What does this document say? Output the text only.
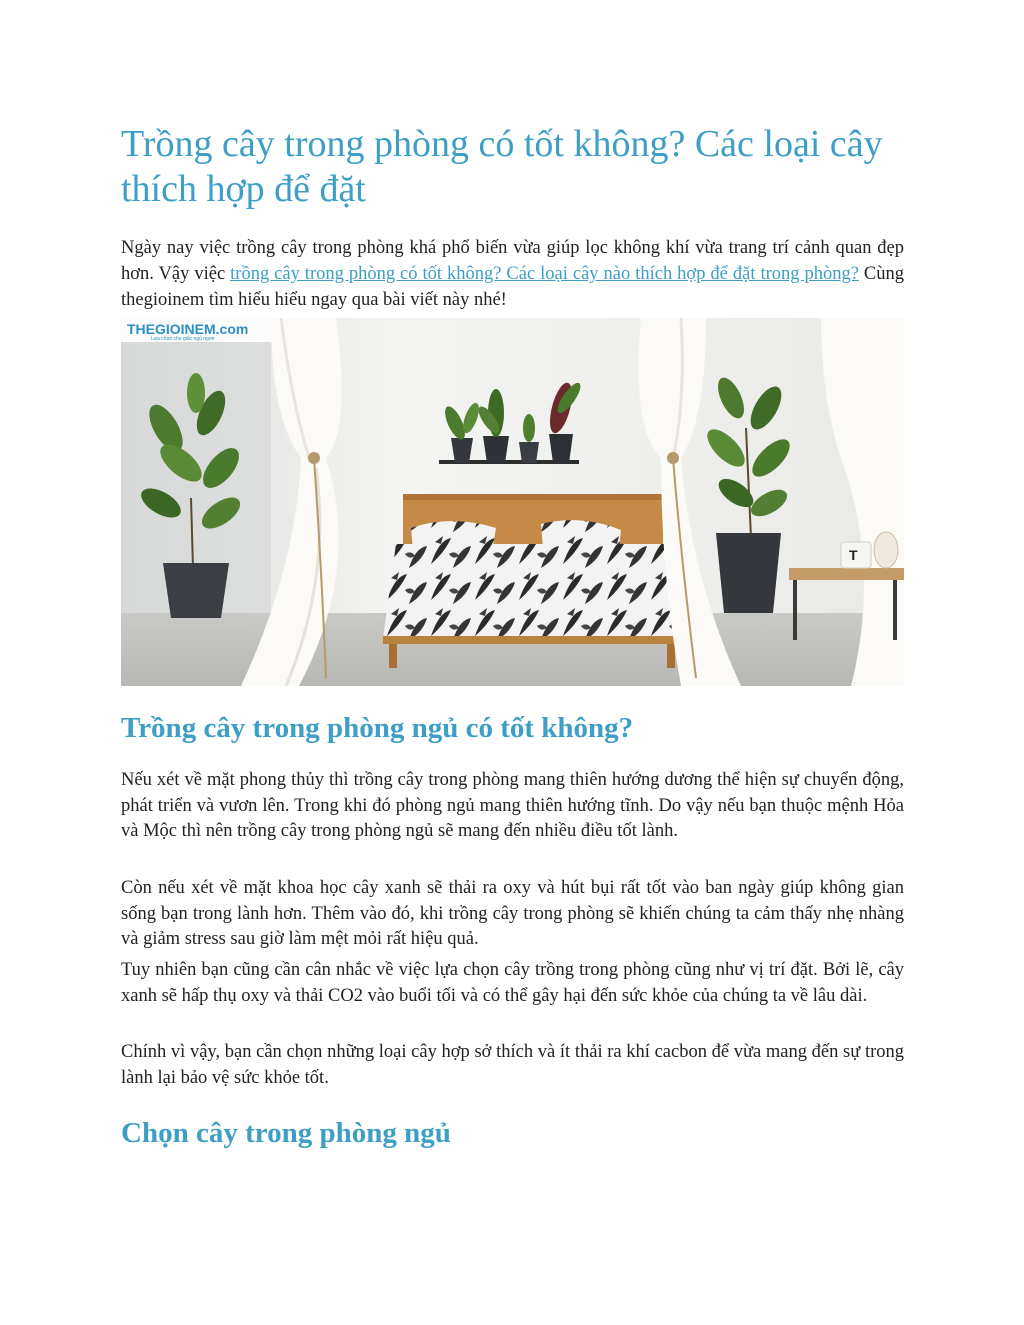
Trồng cây trong phòng có tốt không? Các loại cây thích hợp để đặt

Ngày nay việc trồng cây trong phòng khá phổ biến vừa giúp lọc không khí vừa trang trí cảnh quan đẹp hơn. Vậy việc trồng cây trong phòng có tốt không? Các loại cây nào thích hợp để đặt trong phòng? Cùng thegioinem tìm hiểu hiểu ngay qua bài viết này nhé!

THEGIOINEM.com
Lựa chọn cho giấc ngủ ngon
T
Trồng cây trong phòng ngủ có tốt không?

Nếu xét về mặt phong thủy thì trồng cây trong phòng mang thiên hướng dương thể hiện sự chuyển động, phát triển và vươn lên. Trong khi đó phòng ngủ mang thiên hướng tĩnh. Do vậy nếu bạn thuộc mệnh Hỏa và Mộc thì nên trồng cây trong phòng ngủ sẽ mang đến nhiều điều tốt lành.

Còn nếu xét về mặt khoa học cây xanh sẽ thải ra oxy và hút bụi rất tốt vào ban ngày giúp không gian sống bạn trong lành hơn. Thêm vào đó, khi trồng cây trong phòng sẽ khiến chúng ta cảm thấy nhẹ nhàng và giảm stress sau giờ làm mệt mỏi rất hiệu quả.

Tuy nhiên bạn cũng cần cân nhắc về việc lựa chọn cây trồng trong phòng cũng như vị trí đặt. Bởi lẽ, cây xanh sẽ hấp thụ oxy và thải CO2 vào buổi tối và có thể gây hại đến sức khỏe của chúng ta về lâu dài.

Chính vì vậy, bạn cần chọn những loại cây hợp sở thích và ít thải ra khí cacbon để vừa mang đến sự trong lành lại bảo vệ sức khỏe tốt.

Chọn cây trong phòng ngủ
